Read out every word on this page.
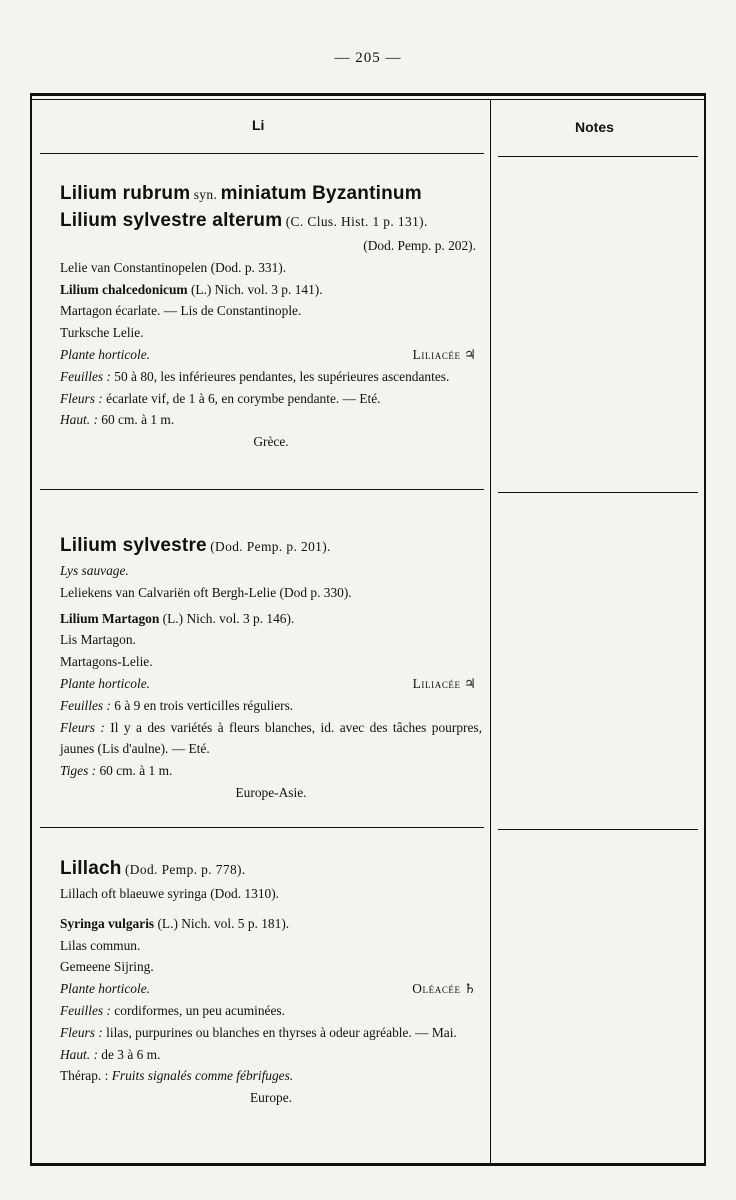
— 205 —
Li	Notes

Lilium rubrum syn. miniatum Byzantinum

Lilium sylvestre alterum (C. Clus. Hist. 1 p. 131).

(Dod. Pemp. p. 202).

Lelie van Constantinopelen (Dod. p. 331).

Lilium chalcedonicum (L.) Nich. vol. 3 p. 141).

Martagon écarlate. — Lis de Constantinople.

Turksche Lelie.

Plante horticole.	Liliacée ♃

Feuilles : 50 à 80, les inférieures pendantes, les supérieures ascendantes.

Fleurs : écarlate vif, de 1 à 6, en corymbe pendante. — Eté.

Haut. : 60 cm. à 1 m.

Grèce.

Lilium sylvestre (Dod. Pemp. p. 201).

Lys sauvage.

Leliekens van Calvariën oft Bergh-Lelie (Dod p. 330).

Lilium Martagon (L.) Nich. vol. 3 p. 146).

Lis Martagon.

Martagons-Lelie.

Plante horticole.	Liliacée ♃

Feuilles : 6 à 9 en trois verticilles réguliers.

Fleurs : Il y a des variétés à fleurs blanches, id. avec des tâches pourpres, jaunes (Lis d'aulne). — Eté.

Tiges : 60 cm. à 1 m.

Europe-Asie.

Lillach (Dod. Pemp. p. 778).

Lillach oft blaeuwe syringa (Dod. 1310).

Syringa vulgaris (L.) Nich. vol. 5 p. 181).

Lilas commun.

Gemeene Sijring.

Plante horticole.	Oléacée ♄

Feuilles : cordiformes, un peu acuminées.

Fleurs : lilas, purpurines ou blanches en thyrses à odeur agréable. — Mai.

Haut. : de 3 à 6 m.

Thérap. : Fruits signalés comme fébrifuges.

Europe.
